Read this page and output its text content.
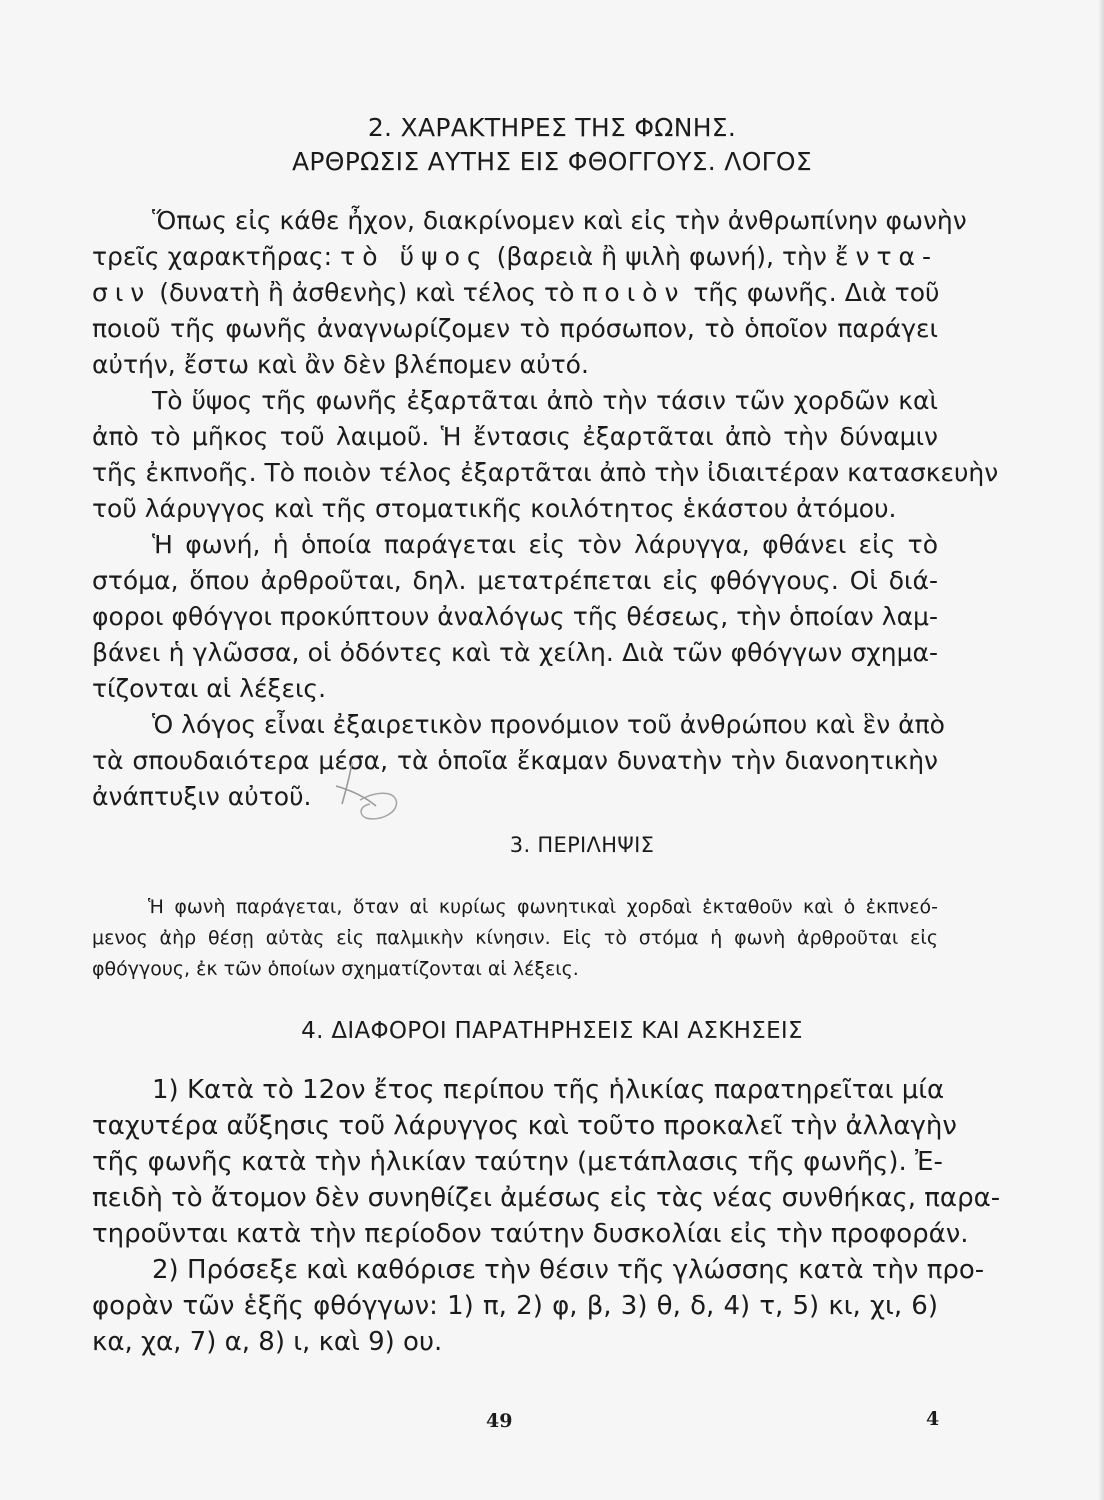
2. ΧΑΡΑΚΤΗΡΕΣ ΤΗΣ ΦΩΝΗΣ.
ΑΡΘΡΩΣΙΣ ΑΥΤΗΣ ΕΙΣ ΦΘΟΓΓΟΥΣ. ΛΟΓΟΣ
Ὅπως εἰς κάθε ἦχον, διακρίνομεν καὶ εἰς τὴν ἀνθρωπίνην φωνὴν
τρεῖς χαρακτῆρας: τὸ ὕψος (βαρειὰ ἢ ψιλὴ φωνή), τὴν ἔντα-
σιν (δυνατὴ ἢ ἀσθενὴς) καὶ τέλος τὸ ποιὸν τῆς φωνῆς. Διὰ τοῦ
ποιοῦ τῆς φωνῆς ἀναγνωρίζομεν τὸ πρόσωπον, τὸ ὁποῖον παράγει
αὐτήν, ἔστω καὶ ἂν δὲν βλέπομεν αὐτό.
Τὸ ὕψος τῆς φωνῆς ἐξαρτᾶται ἀπὸ τὴν τάσιν τῶν χορδῶν καὶ
ἀπὸ τὸ μῆκος τοῦ λαιμοῦ. Ἡ ἔντασις ἐξαρτᾶται ἀπὸ τὴν δύναμιν
τῆς ἐκπνοῆς. Τὸ ποιὸν τέλος ἐξαρτᾶται ἀπὸ τὴν ἰδιαιτέραν κατασκευὴν
τοῦ λάρυγγος καὶ τῆς στοματικῆς κοιλότητος ἑκάστου ἀτόμου.
Ἡ φωνή, ἡ ὁποία παράγεται εἰς τὸν λάρυγγα, φθάνει εἰς τὸ
στόμα, ὅπου ἀρθροῦται, δηλ. μετατρέπεται εἰς φθόγγους. Οἱ διά-
φοροι φθόγγοι προκύπτουν ἀναλόγως τῆς θέσεως, τὴν ὁποίαν λαμ-
βάνει ἡ γλῶσσα, οἱ ὀδόντες καὶ τὰ χείλη. Διὰ τῶν φθόγγων σχημα-
τίζονται αἱ λέξεις.
Ὁ λόγος εἶναι ἐξαιρετικὸν προνόμιον τοῦ ἀνθρώπου καὶ ἓν ἀπὸ
τὰ σπουδαιότερα μέσα, τὰ ὁποῖα ἔκαμαν δυνατὴν τὴν διανοητικὴν
ἀνάπτυξιν αὐτοῦ.
3. ΠΕΡΙΛΗΨΙΣ
Ἡ φωνὴ παράγεται, ὅταν αἱ κυρίως φωνητικαὶ χορδαὶ ἐκταθοῦν καὶ ὁ ἐκπνεό-
μενος ἀὴρ θέσῃ αὐτὰς εἰς παλμικὴν κίνησιν. Εἰς τὸ στόμα ἡ φωνὴ ἀρθροῦται εἰς
φθόγγους, ἐκ τῶν ὁποίων σχηματίζονται αἱ λέξεις.
4. ΔΙΑΦΟΡΟΙ ΠΑΡΑΤΗΡΗΣΕΙΣ ΚΑΙ ΑΣΚΗΣΕΙΣ
1) Κατὰ τὸ 12ον ἔτος περίπου τῆς ἡλικίας παρατηρεῖται μία
ταχυτέρα αὔξησις τοῦ λάρυγγος καὶ τοῦτο προκαλεῖ τὴν ἀλλαγὴν
τῆς φωνῆς κατὰ τὴν ἡλικίαν ταύτην (μετάπλασις τῆς φωνῆς). Ἐ-
πειδὴ τὸ ἄτομον δὲν συνηθίζει ἀμέσως εἰς τὰς νέας συνθήκας, παρα-
τηροῦνται κατὰ τὴν περίοδον ταύτην δυσκολίαι εἰς τὴν προφοράν.
2) Πρόσεξε καὶ καθόρισε τὴν θέσιν τῆς γλώσσης κατὰ τὴν προ-
φορὰν τῶν ἑξῆς φθόγγων: 1) π, 2) φ, β, 3) θ, δ, 4) τ, 5) κι, χι, 6)
κα, χα, 7) α, 8) ι, καὶ 9) ου.
49	4
